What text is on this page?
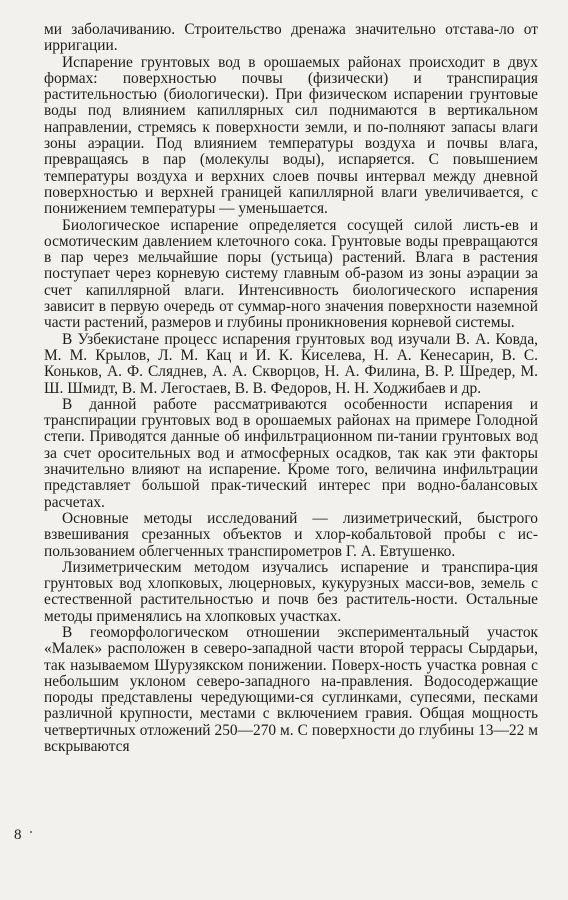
ми заболачиванию. Строительство дренажа значительно отстава-ло от ирригации.

Испарение грунтовых вод в орошаемых районах происходит в двух формах: поверхностью почвы (физически) и транспирация растительностью (биологически). При физическом испарении грунтовые воды под влиянием капиллярных сил поднимаются в вертикальном направлении, стремясь к поверхности земли, и по-полняют запасы влаги зоны аэрации. Под влиянием температуры воздуха и почвы влага, превращаясь в пар (молекулы воды), испаряется. С повышением температуры воздуха и верхних слоев почвы интервал между дневной поверхностью и верхней границей капиллярной влаги увеличивается, с понижением температуры — уменьшается.

Биологическое испарение определяется сосущей силой листь-ев и осмотическим давлением клеточного сока. Грунтовые воды превращаются в пар через мельчайшие поры (устьица) растений. Влага в растения поступает через корневую систему главным об-разом из зоны аэрации за счет капиллярной влаги. Интенсивность биологического испарения зависит в первую очередь от суммар-ного значения поверхности наземной части растений, размеров и глубины проникновения корневой системы.

В Узбекистане процесс испарения грунтовых вод изучали В. А. Ковда, М. М. Крылов, Л. М. Кац и И. К. Киселева, Н. А. Кенесарин, В. С. Коньков, А. Ф. Сляднев, А. А. Скворцов, Н. А. Филина, В. Р. Шредер, М. Ш. Шмидт, В. М. Легостаев, В. В. Федоров, Н. Н. Ходжибаев и др.

В данной работе рассматриваются особенности испарения и транспирации грунтовых вод в орошаемых районах на примере Голодной степи. Приводятся данные об инфильтрационном пи-тании грунтовых вод за счет оросительных вод и атмосферных осадков, так как эти факторы значительно влияют на испарение. Кроме того, величина инфильтрации представляет большой прак-тический интерес при водно-балансовых расчетах.

Основные методы исследований — лизиметрический, быстрого взвешивания срезанных объектов и хлор-кобальтовой пробы с ис-пользованием облегченных транспирометров Г. А. Евтушенко.

Лизиметрическим методом изучались испарение и транспира-ция грунтовых вод хлопковых, люцерновых, кукурузных масси-вов, земель с естественной растительностью и почв без раститель-ности. Остальные методы применялись на хлопковых участках.

В геоморфологическом отношении экспериментальный участок «Малек» расположен в северо-западной части второй террасы Сырдарьи, так называемом Шурузякском понижении. Поверх-ность участка ровная с небольшим уклоном северо-западного на-правления. Водосодержащие породы представлены чередующими-ся суглинками, супесями, песками различной крупности, местами с включением гравия. Общая мощность четвертичных отложений 250—270 м. С поверхности до глубины 13—22 м вскрываются

8
